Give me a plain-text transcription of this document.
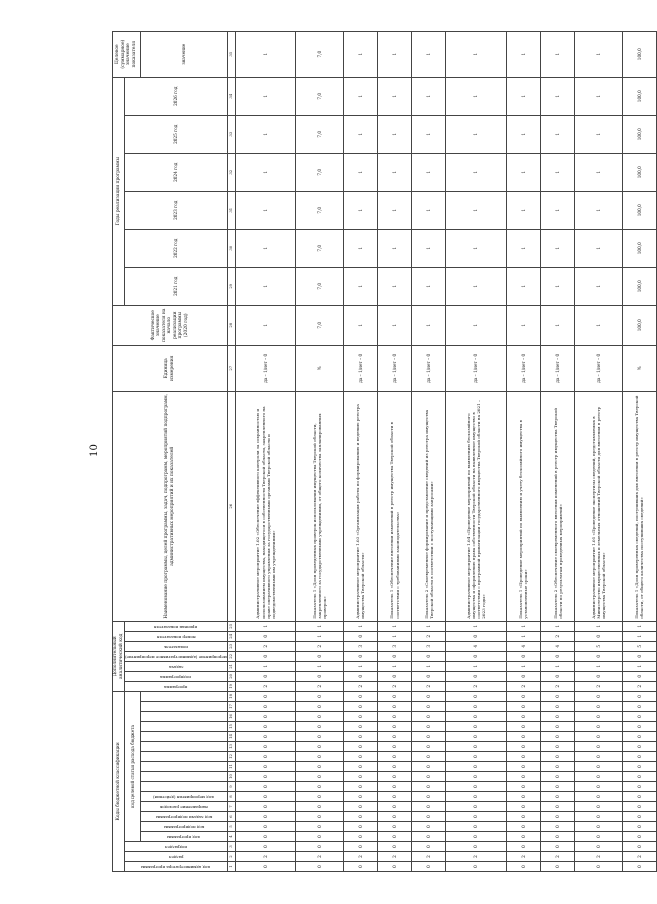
10
Коды бюджетной классификации																		Дополнительный аналитический код							Наименование программы, целей программы, задач, подпрограмм, мероприятий подпрограмм, административных мероприятий и их показателей	Единица измерения	Фактическое значение показателя на начало реализации программы (2020 год)	Годы реализации программы						Целевое (суммарное) значение показателя

код администратора программы	раздел	подраздел	код целевой статьи расхода бюджета															программа	подпрограмма	задача	мероприятие (административное мероприятие)	показатель	номер показателя	признак показателя				2021 год	2022 год	2023 год	2024 год	2025 год	2026 год	

			код программы	код подпрограммы	код задачи подпрограммы	направление расходов	код мероприятия (действия)																											значение
1	2	3	4	5	6	7	8	9	10	11	12	13	14	15	16	17	18	19	20	21	22	23	24	25	26	27	28	29	30	31	32	33	34	35
0	2	0	0	0	0	0	0	0	0	0	0	0	0	0	0	0	0	2	0	1	0	2	0	1	Административное мероприятие 1.02 «Обеспечение эффективного контроля за сохранностью и использованием имущества, находящегося в собственности Тверской области, закрепленного на праве оперативного управления за государственными органами Тверской области и подведомственными им учреждениями»	да – 1/нет – 0	1	1	1	1	1	1	1	1
0	2	0	0	0	0	0	0	0	0	0	0	0	0	0	0	0	0	2	0	1	0	2	1	1	Показатель 1 «Доля проведенных проверок использования имущества Тверской области, закрепленного за государственными учреждениями, от общего количества запланированных проверок»	%	7,0	7,0	7,0	7,0	7,0	7,0	7,0	7,0
0	2	0	0	0	0	0	0	0	0	0	0	0	0	0	0	0	0	2	0	1	0	3	0	1	Административное мероприятие 1.03 «Организация работы по формированию и ведению реестра имущества Тверской области»	да – 1/нет – 0	1	1	1	1	1	1	1	1
0	2	0	0	0	0	0	0	0	0	0	0	0	0	0	0	0	0	2	0	1	0	3	1	1	Показатель 1 «Обеспечение внесения изменений в реестр имущества Тверской области в соответствии с требованиями законодательства»	да – 1/нет – 0	1	1	1	1	1	1	1	1
0	2	0	0	0	0	0	0	0	0	0	0	0	0	0	0	0	0	2	0	1	0	3	2	1	Показатель 2 «Своевременное формирование и представление сведений из реестра имущества Тверской области в соответствии с поступающими запросами»	да – 1/нет – 0	1	1	1	1	1	1	1	1
0	2	0	0	0	0	0	0	0	0	0	0	0	0	0	0	0	0	2	0	1	0	4	0	1	Административное мероприятие 1.04 «Проведение мероприятий по выявлению бесхозяйного имущества и оформлению права собственности Тверской области на выявленное имущество в соответствии с программой приватизации государственного имущества Тверской области на 2021 – 2023 годы»	да – 1/нет – 0	1	1	1	1	1	1	1	1
0	2	0	0	0	0	0	0	0	0	0	0	0	0	0	0	0	0	2	0	1	0	4	1	1	Показатель 1 «Проведение мероприятий по выявлению и учету бесхозяйного имущества в установленные сроки»	да – 1/нет – 0	1	1	1	1	1	1	1	1
0	2	0	0	0	0	0	0	0	0	0	0	0	0	0	0	0	0	2	0	1	0	4	2	1	Показатель 2 «Обеспечение своевременного внесения изменений в реестр имущества Тверской области по результатам проведенных мероприятий»	да – 1/нет – 0	1	1	1	1	1	1	1	1
0	2	0	0	0	0	0	0	0	0	0	0	0	0	0	0	0	0	2	0	1	0	5	0	1	Административное мероприятие 1.05 «Проведение экспертизы сведений, представляемых в Министерство имущественных и земельных отношений Тверской области для внесения в реестр имущества Тверской области»	да – 1/нет – 0	1	1	1	1	1	1	1	1
0	2	0	0	0	0	0	0	0	0	0	0	0	0	0	0	0	0	2	0	1	0	5	1	1	Показатель 1 «Доля проверенных сведений, поступивших для внесения в реестр имущества Тверской области, от общего количества поступивших сведений»	%	100,0	100,0	100,0	100,0	100,0	100,0	100,0	100,0
